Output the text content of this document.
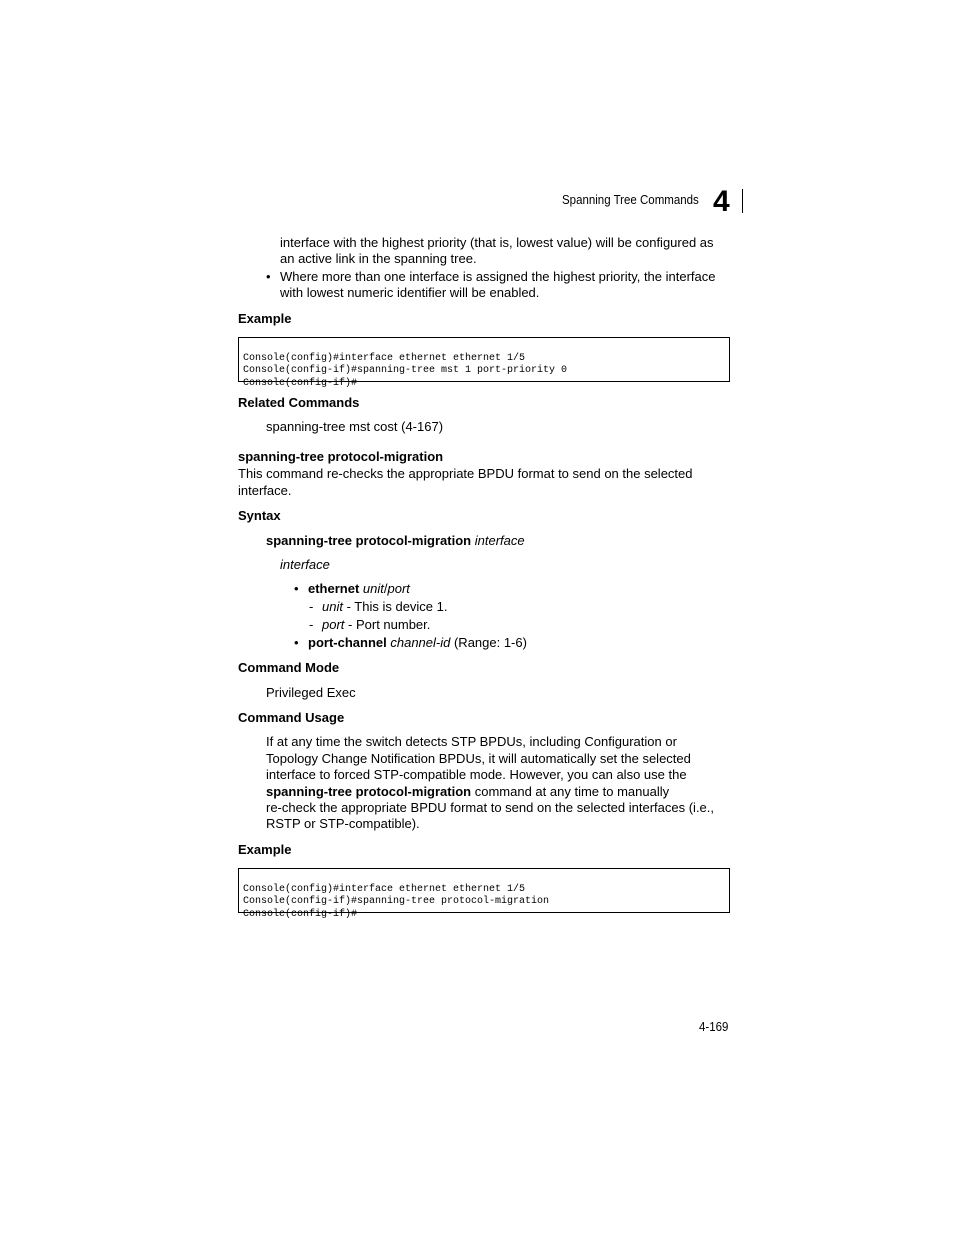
Spanning Tree Commands 4
interface with the highest priority (that is, lowest value) will be configured as
an active link in the spanning tree.
• Where more than one interface is assigned the highest priority, the interface
with lowest numeric identifier will be enabled.
Example

Console(config)#interface ethernet ethernet 1/5
Console(config-if)#spanning-tree mst 1 port-priority 0
Console(config-if)#
Related Commands
spanning-tree mst cost (4-167)
spanning-tree protocol-migration
This command re-checks the appropriate BPDU format to send on the selected
interface.
Syntax
spanning-tree protocol-migration interface
interface
• ethernet unit/port
- unit - This is device 1.
- port - Port number.
• port-channel channel-id (Range: 1-6)
Command Mode
Privileged Exec
Command Usage
If at any time the switch detects STP BPDUs, including Configuration or
Topology Change Notification BPDUs, it will automatically set the selected
interface to forced STP-compatible mode. However, you can also use the
spanning-tree protocol-migration command at any time to manually
re-check the appropriate BPDU format to send on the selected interfaces (i.e.,
RSTP or STP-compatible).
Example

Console(config)#interface ethernet ethernet 1/5
Console(config-if)#spanning-tree protocol-migration
Console(config-if)#
4-169
